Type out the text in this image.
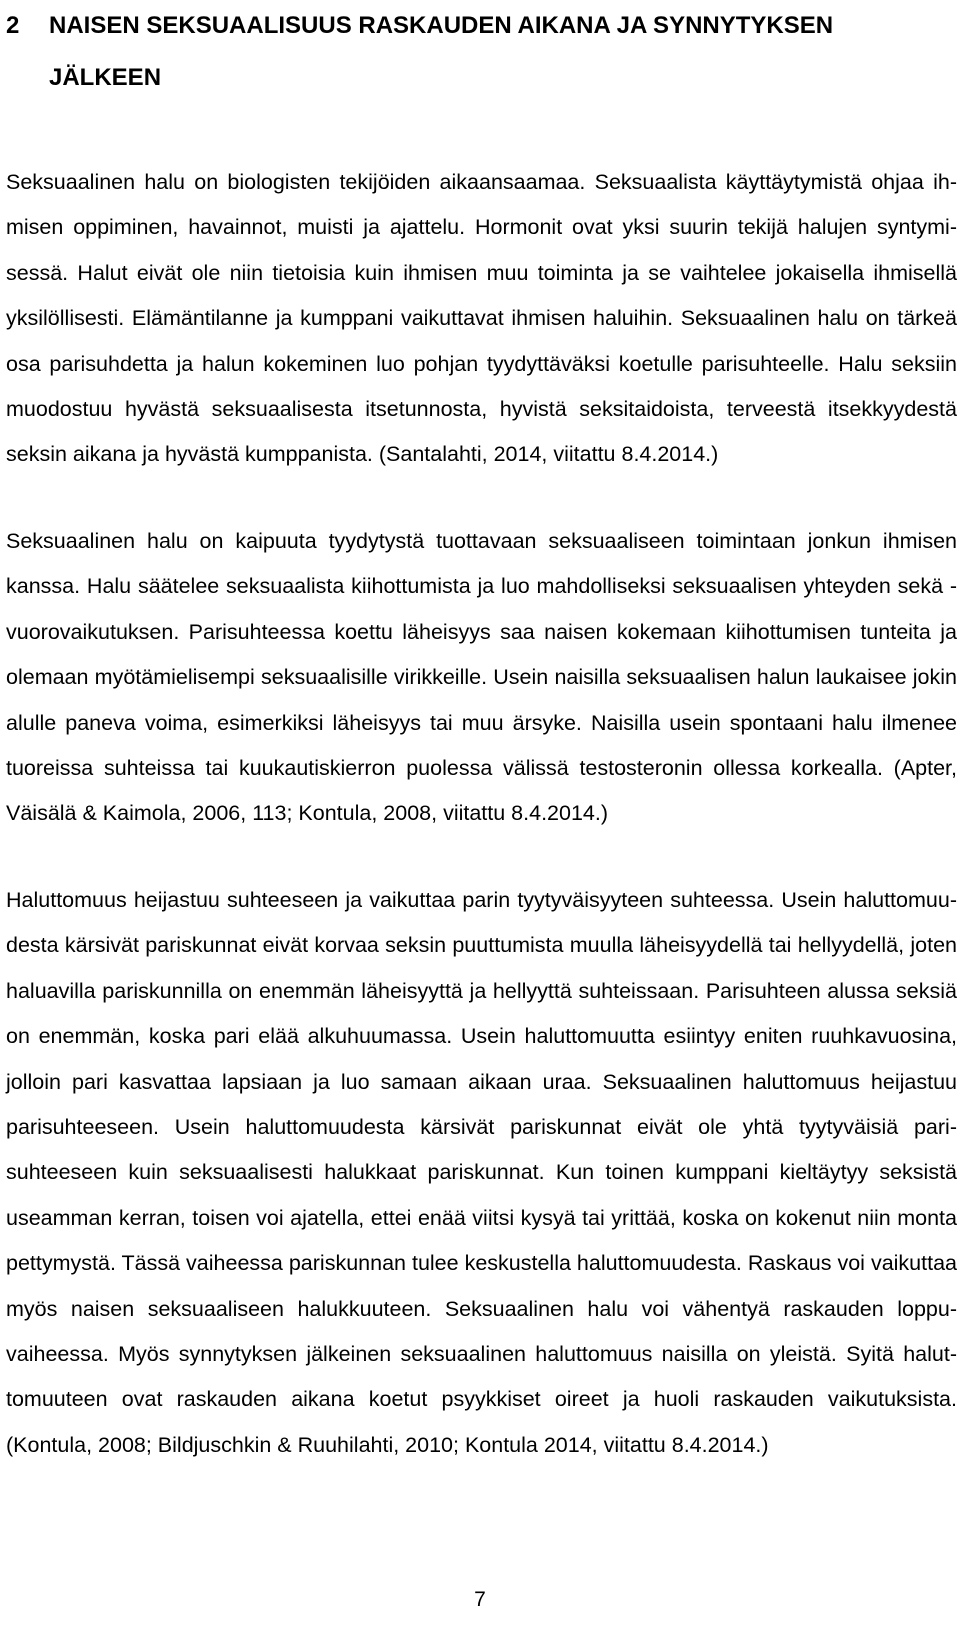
2 NAISEN SEKSUAALISUUS RASKAUDEN AIKANA JA SYNNYTYKSEN JÄLKEEN

Seksuaalinen halu on biologisten tekijöiden aikaansaamaa. Seksuaalista käyttäytymistä ohjaa ihmisen oppiminen, havainnot, muisti ja ajattelu. Hormonit ovat yksi suurin tekijä halujen syntymisessä. Halut eivät ole niin tietoisia kuin ihmisen muu toiminta ja se vaihtelee jokaisella ihmisellä yksilöllisesti. Elämäntilanne ja kumppani vaikuttavat ihmisen haluihin. Seksuaalinen halu on tärkeä osa parisuhdetta ja halun kokeminen luo pohjan tyydyttäväksi koetulle parisuhteelle. Halu seksiin muodostuu hyvästä seksuaalisesta itsetunnosta, hyvistä seksitaidoista, terveestä itsekkyydestä seksin aikana ja hyvästä kumppanista. (Santalahti, 2014, viitattu 8.4.2014.)

Seksuaalinen halu on kaipuuta tyydytystä tuottavaan seksuaaliseen toimintaan jonkun ihmisen kanssa. Halu säätelee seksuaalista kiihottumista ja luo mahdolliseksi seksuaalisen yhteyden sekä - vuorovaikutuksen. Parisuhteessa koettu läheisyys saa naisen kokemaan kiihottumisen tunteita ja olemaan myötämielisempi seksuaalisille virikkeille. Usein naisilla seksuaalisen halun laukaisee jokin alulle paneva voima, esimerkiksi läheisyys tai muu ärsyke. Naisilla usein spontaani halu ilmenee tuoreissa suhteissa tai kuukautiskierron puolessa välissä testosteronin ollessa korkealla. (Apter, Väisälä & Kaimola, 2006, 113; Kontula, 2008, viitattu 8.4.2014.)

Haluttomuus heijastuu suhteeseen ja vaikuttaa parin tyytyväisyyteen suhteessa. Usein haluttomuudesta kärsivät pariskunnat eivät korvaa seksin puuttumista muulla läheisyydellä tai hellyydellä, joten haluavilla pariskunnilla on enemmän läheisyyttä ja hellyyttä suhteissaan. Parisuhteen alussa seksiä on enemmän, koska pari elää alkuhuumassa. Usein haluttomuutta esiintyy eniten ruuhkavuosina, jolloin pari kasvattaa lapsiaan ja luo samaan aikaan uraa. Seksuaalinen haluttomuus heijastuu parisuhteeseen. Usein haluttomuudesta kärsivät pariskunnat eivät ole yhtä tyytyväisiä parisuhteeseen kuin seksuaalisesti halukkaat pariskunnat. Kun toinen kumppani kieltäytyy seksistä useamman kerran, toisen voi ajatella, ettei enää viitsi kysyä tai yrittää, koska on kokenut niin monta pettymystä. Tässä vaiheessa pariskunnan tulee keskustella haluttomuudesta. Raskaus voi vaikuttaa myös naisen seksuaaliseen halukkuuteen. Seksuaalinen halu voi vähentyä raskauden loppuvaiheessa. Myös synnytyksen jälkeinen seksuaalinen haluttomuus naisilla on yleistä. Syitä haluttomuuteen ovat raskauden aikana koetut psyykkiset oireet ja huoli raskauden vaikutuksista. (Kontula, 2008; Bildjuschkin & Ruuhilahti, 2010; Kontula 2014, viitattu 8.4.2014.)

7
